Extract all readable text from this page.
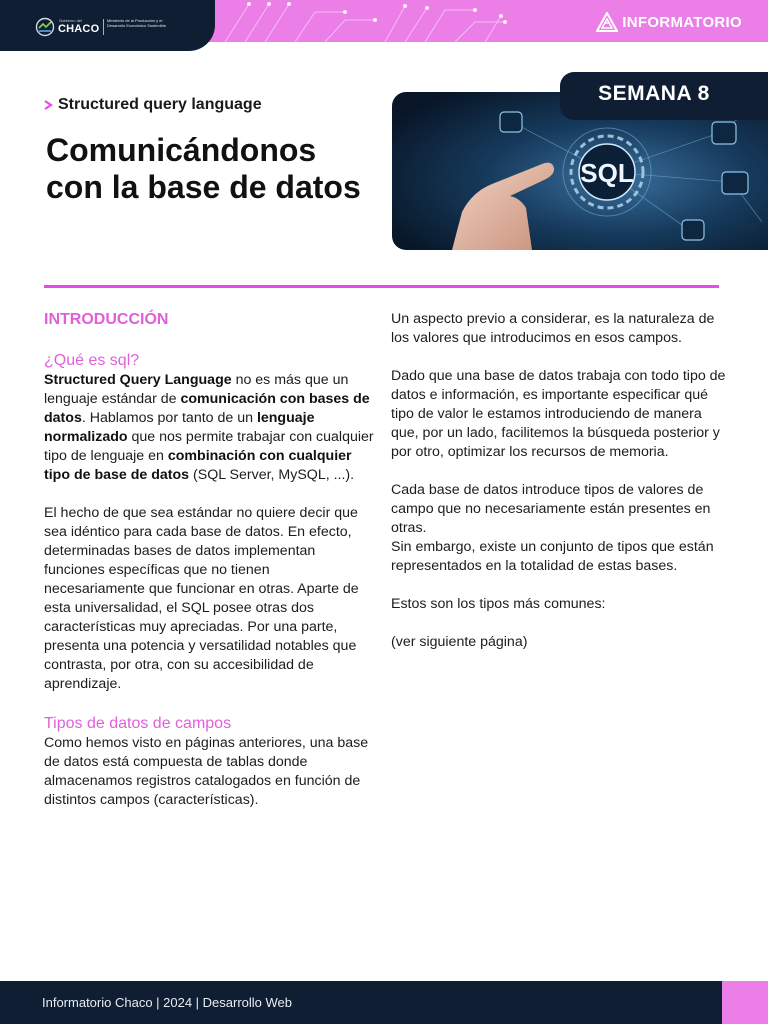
Gobierno del
CHACO
Ministerio de la Producción y el Desarrollo Económico Sostenible	INFORMATORIO
Structured query language
Comunicándonos
con la base de datos	SQL
SEMANA 8
INTRODUCCIÓN
¿Qué es sql?

Structured Query Language no es más que un lenguaje estándar de comunicación con bases de datos. Hablamos por tanto de un lenguaje normalizado que nos permite trabajar con cualquier tipo de lenguaje en combinación con cualquier tipo de base de datos (SQL Server, MySQL, ...).

El hecho de que sea estándar no quiere decir que sea idéntico para cada base de datos. En efecto, determinadas bases de datos implementan funciones específicas que no tienen necesariamente que funcionar en otras. Aparte de esta universalidad, el SQL posee otras dos características muy apreciadas. Por una parte, presenta una potencia y versatilidad notables que contrasta, por otra, con su accesibilidad de aprendizaje.

Tipos de datos de campos

Como hemos visto en páginas anteriores, una base de datos está compuesta de tablas donde almacenamos registros catalogados en función de distintos campos (características).

Un aspecto previo a considerar, es la naturaleza de los valores que introducimos en esos campos.

Dado que una base de datos trabaja con todo tipo de datos e información, es importante especificar qué tipo de valor le estamos introduciendo de manera que, por un lado, facilitemos la búsqueda posterior y por otro, optimizar los recursos de memoria.

Cada base de datos introduce tipos de valores de campo que no necesariamente están presentes en otras.

Sin embargo, existe un conjunto de tipos que están representados en la totalidad de estas bases.

Estos son los tipos más comunes:

(ver siguiente página)

Informatorio Chaco | 2024 | Desarrollo Web
